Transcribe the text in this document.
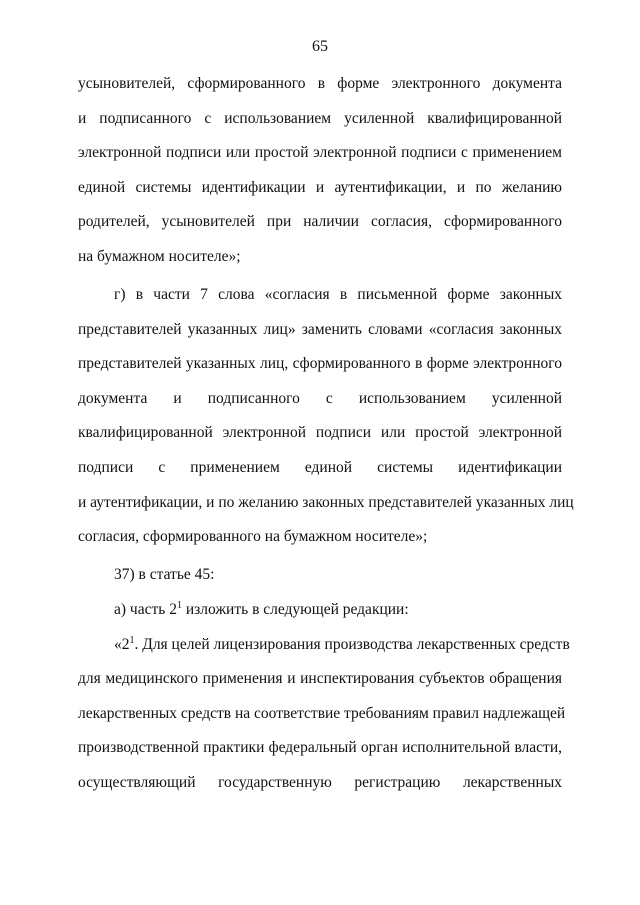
65
усыновителей, сформированного в форме электронного документа
и подписанного с использованием усиленной квалифицированной
электронной подписи или простой электронной подписи с применением
единой системы идентификации и аутентификации, и по желанию
родителей, усыновителей при наличии согласия, сформированного
на бумажном носителе»;
г) в части 7 слова «согласия в письменной форме законных
представителей указанных лиц» заменить словами «согласия законных
представителей указанных лиц, сформированного в форме электронного
документа и подписанного с использованием усиленной
квалифицированной электронной подписи или простой электронной
подписи с применением единой системы идентификации
и аутентификации, и по желанию законных представителей указанных лиц
согласия, сформированного на бумажном носителе»;
37) в статье 45:
а) часть $2^1$ изложить в следующей редакции:
«$2^1$. Для целей лицензирования производства лекарственных средств
для медицинского применения и инспектирования субъектов обращения
лекарственных средств на соответствие требованиям правил надлежащей
производственной практики федеральный орган исполнительной власти,
осуществляющий государственную регистрацию лекарственных
